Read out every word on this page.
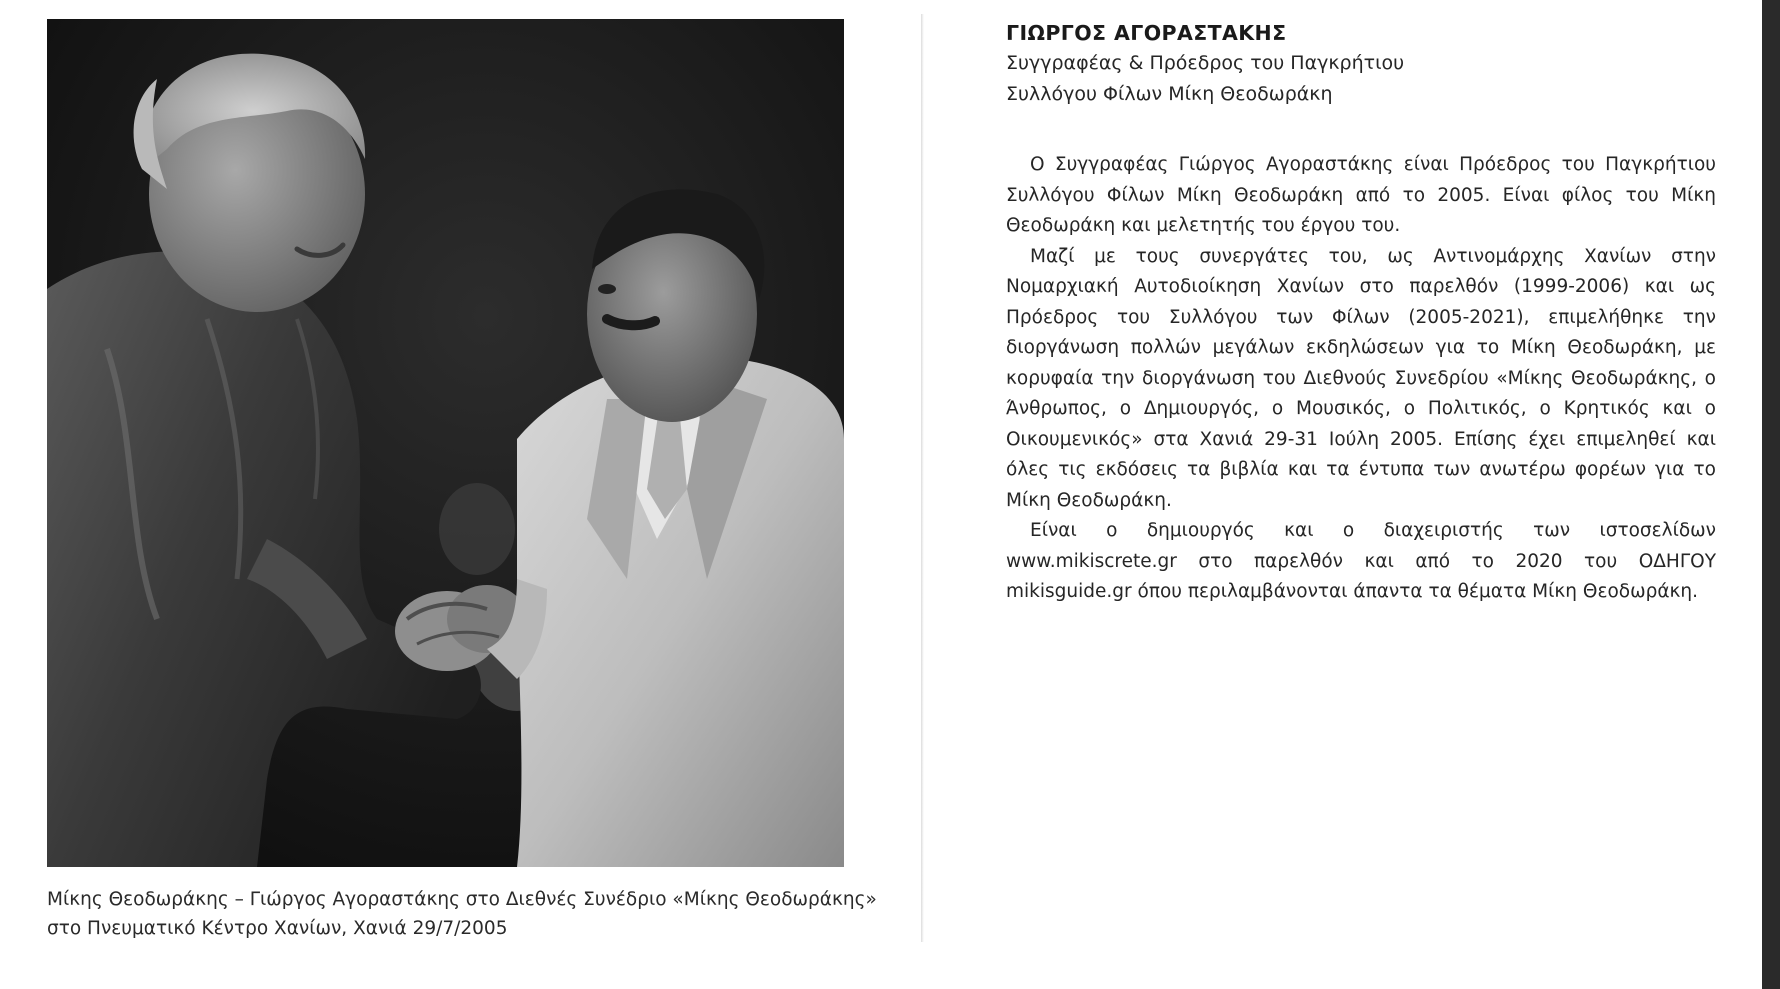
Μίκης Θεοδωράκης – Γιώργος Αγοραστάκης στο Διεθνές Συνέδριο «Μίκης Θεοδωράκης»
στο Πνευματικό Κέντρο Χανίων, Χανιά 29/7/2005
ΓΙΩΡΓΟΣ ΑΓΟΡΑΣΤΑΚΗΣ

Συγγραφέας & Πρόεδρος του Παγκρήτιου

Συλλόγου Φίλων Μίκη Θεοδωράκη

Ο Συγγραφέας Γιώργος Αγοραστάκης είναι Πρόεδρος του Παγκρήτιου Συλλόγου Φίλων Μίκη Θεοδωράκη από το 2005. Είναι φίλος του Μίκη Θεοδωράκη και μελετητής του έργου του.

Μαζί με τους συνεργάτες του, ως Αντινομάρχης Χανίων στην Νομαρχιακή Αυτοδιοίκηση Χανίων στο παρελθόν (1999-2006) και ως Πρόεδρος του Συλλόγου των Φίλων (2005-2021), επιμελήθηκε την διοργάνωση πολλών μεγάλων εκδηλώσεων για το Μίκη Θεοδωράκη, με κορυφαία την διοργάνωση του Διεθνούς Συνεδρίου «Μίκης Θεοδωράκης, ο Άνθρωπος, ο Δημιουργός, ο Μουσικός, ο Πολιτικός, ο Κρητικός και ο Οικουμενικός» στα Χανιά 29-31 Ιούλη 2005. Επίσης έχει επιμεληθεί και όλες τις εκδόσεις τα βιβλία και τα έντυπα των ανωτέρω φορέων για το Μίκη Θεοδωράκη.

Είναι ο δημιουργός και ο διαχειριστής των ιστοσελίδων www.mikiscrete.gr στο παρελθόν και από το 2020 του ΟΔΗΓΟΥ mikisguide.gr όπου περιλαμβάνονται άπαντα τα θέματα Μίκη Θεοδωράκη.
